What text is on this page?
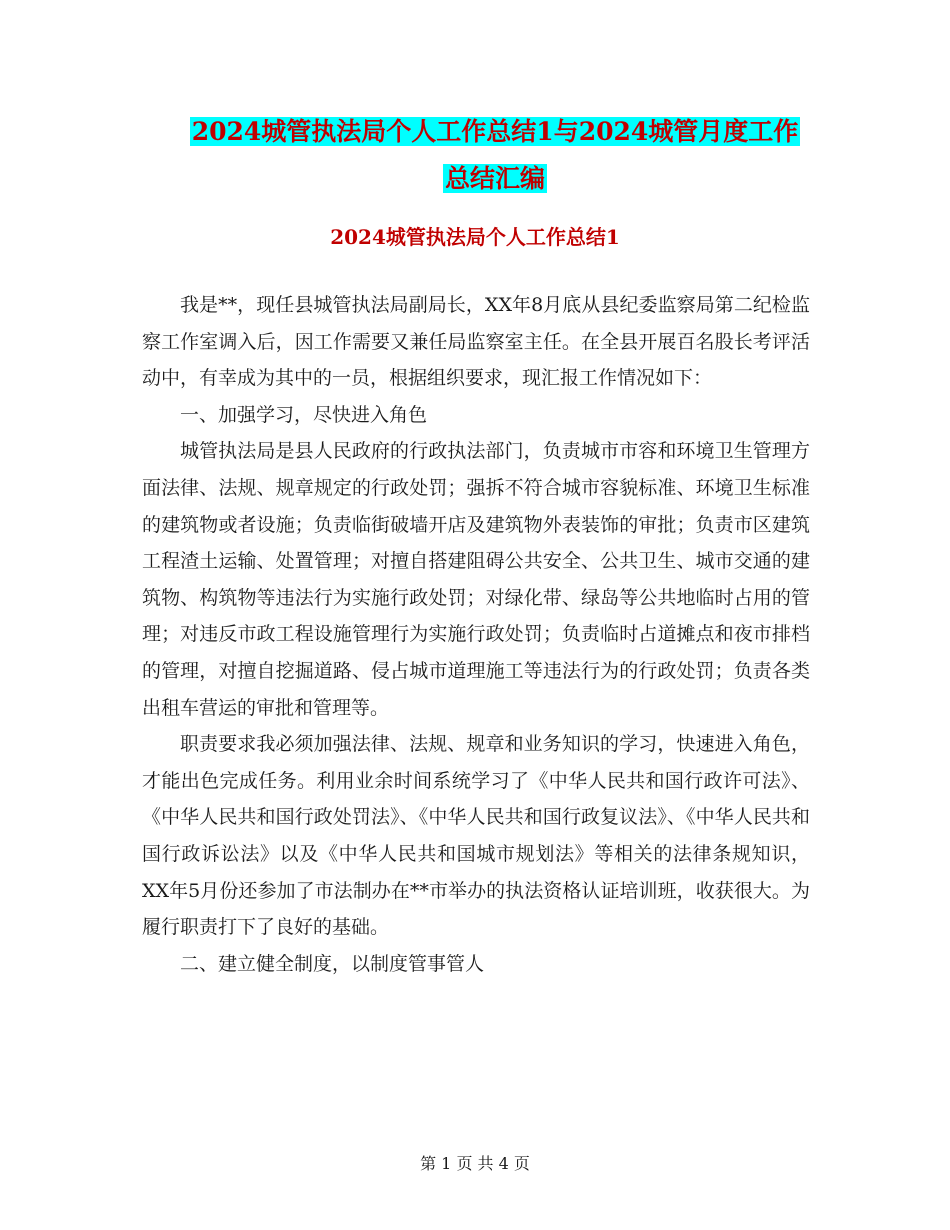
2024城管执法局个人工作总结1与2024城管月度工作
总结汇编
2024城管执法局个人工作总结1

我是**，现任县城管执法局副局长，XX年8月底从县纪委监察局第二纪检监察工作室调入后，因工作需要又兼任局监察室主任。在全县开展百名股长考评活动中，有幸成为其中的一员，根据组织要求，现汇报工作情况如下：

一、加强学习，尽快进入角色

城管执法局是县人民政府的行政执法部门，负责城市市容和环境卫生管理方面法律、法规、规章规定的行政处罚；强拆不符合城市容貌标准、环境卫生标准的建筑物或者设施；负责临街破墙开店及建筑物外表装饰的审批；负责市区建筑工程渣土运输、处置管理；对擅自搭建阻碍公共安全、公共卫生、城市交通的建筑物、构筑物等违法行为实施行政处罚；对绿化带、绿岛等公共地临时占用的管理；对违反市政工程设施管理行为实施行政处罚；负责临时占道摊点和夜市排档的管理，对擅自挖掘道路、侵占城市道理施工等违法行为的行政处罚；负责各类出租车营运的审批和管理等。

职责要求我必须加强法律、法规、规章和业务知识的学习，快速进入角色，才能出色完成任务。利用业余时间系统学习了《中华人民共和国行政许可法》、《中华人民共和国行政处罚法》、《中华人民共和国行政复议法》、《中华人民共和国行政诉讼法》以及《中华人民共和国城市规划法》等相关的法律条规知识，XX年5月份还参加了市法制办在**市举办的执法资格认证培训班，收获很大。为履行职责打下了良好的基础。

二、建立健全制度，以制度管事管人

第 1 页 共 4 页
